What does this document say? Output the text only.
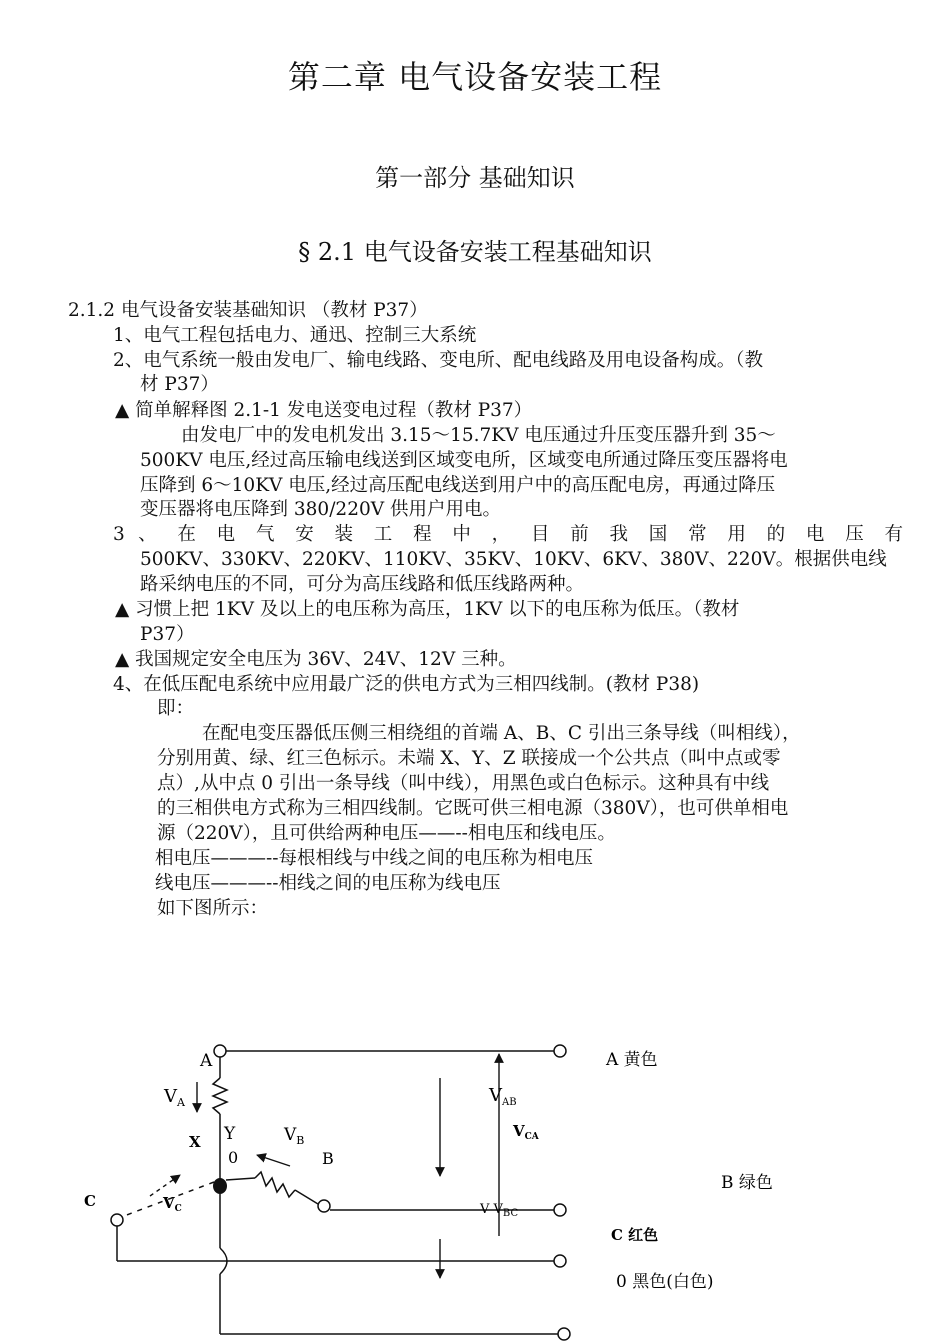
第二章 电气设备安装工程
第一部分 基础知识
§ 2.1 电气设备安装工程基础知识
2.1.2 电气设备安装基础知识 （教材 P37）
1、电气工程包括电力、通迅、控制三大系统
2、电气系统一般由发电厂、输电线路、变电所、配电线路及用电设备构成。（教
材 P37）
▲ 简单解释图 2.1-1 发电送变电过程（教材 P37）
由发电厂中的发电机发出 3.15～15.7KV 电压通过升压变压器升到 35～
500KV 电压,经过高压输电线送到区域变电所，区域变电所通过降压变压器将电
压降到 6～10KV 电压,经过高压配电线送到用户中的高压配电房，再通过降压
变压器将电压降到 380/220V 供用户用电。
3 、 在 电 气 安 装 工 程 中 ， 目 前 我 国 常 用 的 电 压 有
500KV、330KV、220KV、110KV、35KV、10KV、6KV、380V、220V。根据供电线
路采纳电压的不同，可分为高压线路和低压线路两种。
▲ 习惯上把 1KV 及以上的电压称为高压，1KV 以下的电压称为低压。（教材
P37）
▲ 我国规定安全电压为 36V、24V、12V 三种。
4、在低压配电系统中应用最广泛的供电方式为三相四线制。(教材 P38)
即：
在配电变压器低压侧三相绕组的首端 A、B、C 引出三条导线（叫相线），
分别用黄、绿、红三色标示。未端 X、Y、Z 联接成一个公共点（叫中点或零
点）,从中点 0 引出一条导线（叫中线），用黑色或白色标示。这种具有中线
的三相供电方式称为三相四线制。它既可供三相电源（380V），也可供单相电
源（220V），且可供给两种电压——--相电压和线电压。
相电压———--每根相线与中线之间的电压称为相电压
线电压———--相线之间的电压称为线电压
如下图所示：
A
X Y
0	B
C
$V_A$
$V_B$
$V_C$
$V_{AB}$
$V_{CA}$
V $V_{BC}$
A 黄色
B 绿色
C 红色
0 黑色(白色)
